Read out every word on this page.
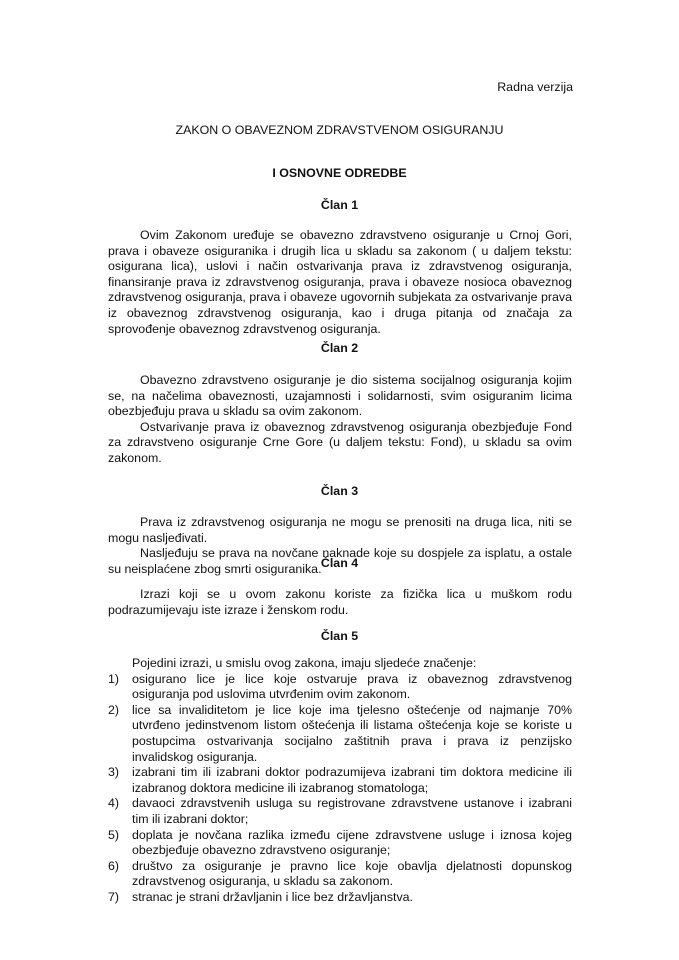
Radna verzija
ZAKON O OBAVEZNOM ZDRAVSTVENOM OSIGURANJU
I OSNOVNE ODREDBE
Član 1

Ovim Zakonom uređuje se obavezno zdravstveno osiguranje u Crnoj Gori, prava i obaveze osiguranika i drugih lica u skladu sa zakonom ( u daljem tekstu: osigurana lica), uslovi i način ostvarivanja prava iz zdravstvenog osiguranja, finansiranje prava iz zdravstvenog osiguranja, prava i obaveze nosioca obaveznog zdravstvenog osiguranja, prava i obaveze ugovornih subjekata za ostvarivanje prava iz obaveznog zdravstvenog osiguranja, kao i druga pitanja od značaja za sprovođenje obaveznog zdravstvenog osiguranja.

Član 2

Obavezno zdravstveno osiguranje je dio sistema socijalnog osiguranja kojim se, na načelima obaveznosti, uzajamnosti i solidarnosti, svim osiguranim licima obezbjeđuju prava u skladu sa ovim zakonom.

Ostvarivanje prava iz obaveznog zdravstvenog osiguranja obezbjeđuje Fond za zdravstveno osiguranje Crne Gore (u daljem tekstu: Fond), u skladu sa ovim zakonom.

Član 3

Prava iz zdravstvenog osiguranja ne mogu se prenositi na druga lica, niti se mogu nasljeđivati.

Nasljeđuju se prava na novčane naknade koje su dospjele za isplatu, a ostale su neisplaćene zbog smrti osiguranika. Član 4

Izrazi koji se u ovom zakonu koriste za fizička lica u muškom rodu podrazumijevaju iste izraze i ženskom rodu.

Član 5

Pojedini izrazi, u smislu ovog zakona, imaju sljedeće značenje:

1)	osigurano lice je lice koje ostvaruje prava iz obaveznog zdravstvenog osiguranja pod uslovima utvrđenim ovim zakonom.
2)	lice sa invaliditetom je lice koje ima tjelesno oštećenje od najmanje 70% utvrđeno jedinstvenom listom oštećenja ili listama oštećenja koje se koriste u postupcima ostvarivanja socijalno zaštitnih prava i prava iz penzijsko invalidskog osiguranja.
3)	izabrani tim ili izabrani doktor podrazumijeva izabrani tim doktora medicine ili izabranog doktora medicine ili izabranog stomatologa;
4)	davaoci zdravstvenih usluga su registrovane zdravstvene ustanove i izabrani tim ili izabrani doktor;
5)	doplata je novčana razlika između cijene zdravstvene usluge i iznosa kojeg obezbjeđuje obavezno zdravstveno osiguranje;
6)	društvo za osiguranje je pravno lice koje obavlja djelatnosti dopunskog zdravstvenog osiguranja, u skladu sa zakonom.
7)	stranac je strani državljanin i lice bez državljanstva.
